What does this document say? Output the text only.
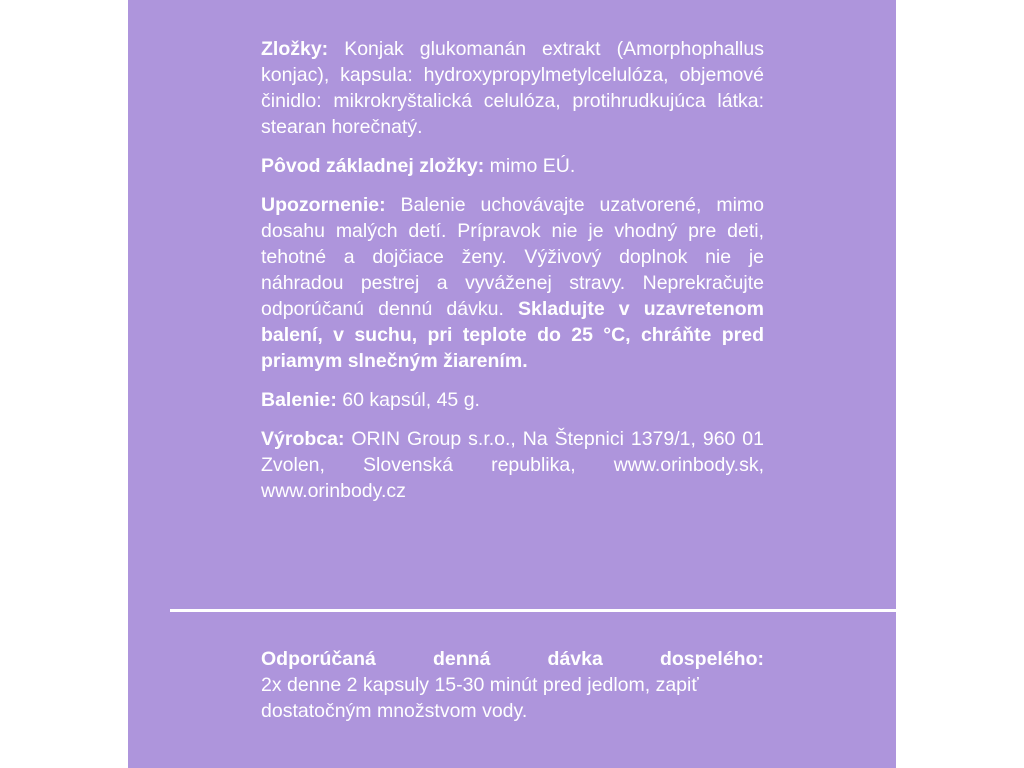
Zložky: Konjak glukomanán extrakt (Amorphophallus konjac), kapsula: hydroxypropylmetylcelulóza, objemové činidlo: mikrokryštalická celulóza, protihrudkujúca látka: stearan horečnatý.

Pôvod základnej zložky: mimo EÚ.

Upozornenie: Balenie uchovávajte uzatvorené, mimo dosahu malých detí. Prípravok nie je vhodný pre deti, tehotné a dojčiace ženy. Výživový doplnok nie je náhradou pestrej a vyváženej stravy. Neprekračujte odporúčanú dennú dávku. Skladujte v uzavretenom balení, v suchu, pri teplote do 25 °C, chráňte pred priamym slnečným žiarením.

Balenie: 60 kapsúl, 45 g.

Výrobca: ORIN Group s.r.o., Na Štepnici 1379/1, 960 01 Zvolen, Slovenská republika, www.orinbody.sk, www.orinbody.cz

Odporúčaná denná dávka dospelého:
2x denne 2 kapsuly 15-30 minút pred jedlom, zapiť dostatočným množstvom vody.
